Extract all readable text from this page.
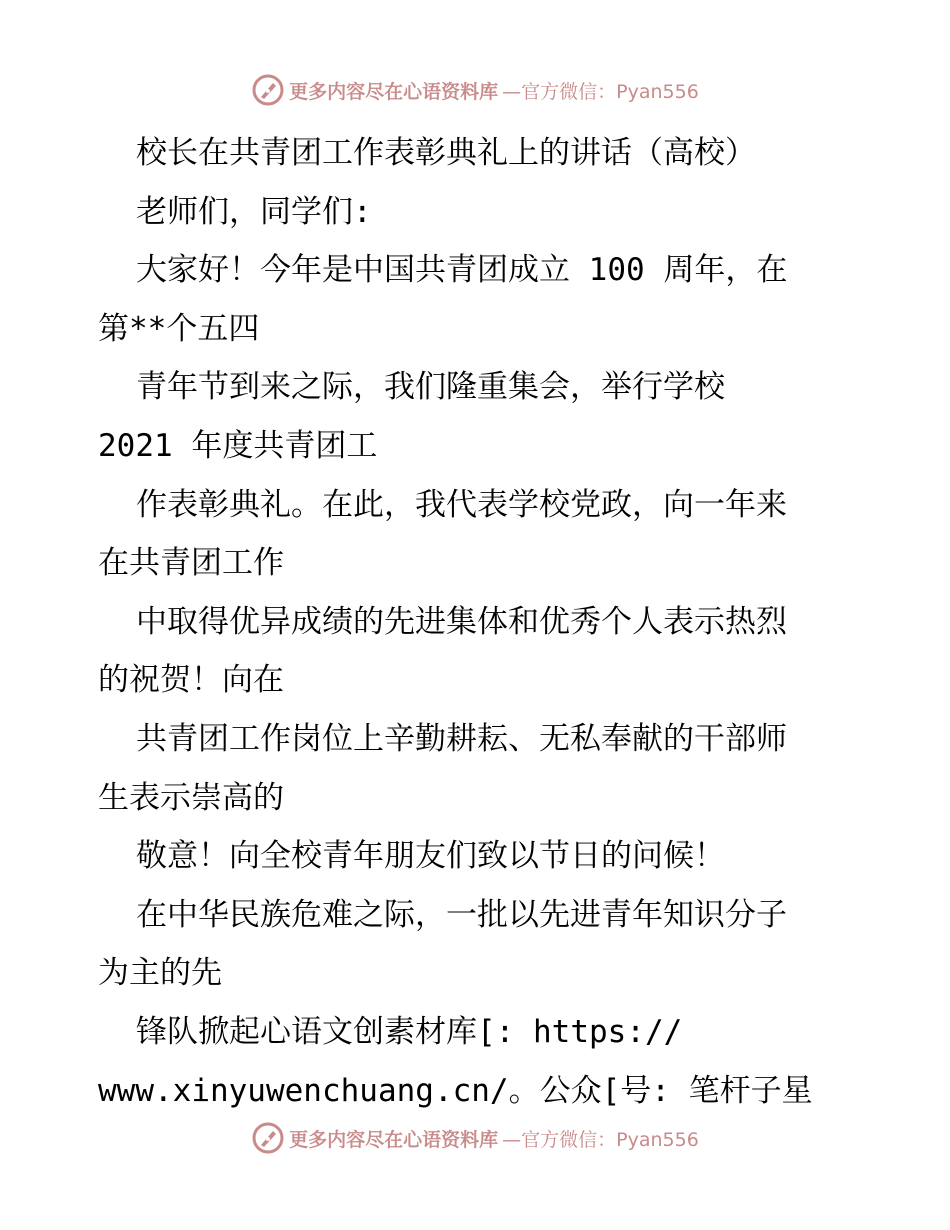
更多内容尽在心语资料库 —官方微信：Pyan556
校长在共青团工作表彰典礼上的讲话（高校）
老师们，同学们:
大家好！今年是中国共青团成立 100 周年，在
第**个五四
青年节到来之际，我们隆重集会，举行学校
2021 年度共青团工
作表彰典礼。在此，我代表学校党政，向一年来
在共青团工作
中取得优异成绩的先进集体和优秀个人表示热烈
的祝贺！向在
共青团工作岗位上辛勤耕耘、无私奉献的干部师
生表示崇高的
敬意！向全校青年朋友们致以节日的问候！
在中华民族危难之际，一批以先进青年知识分子
为主的先
锋队掀起心语文创素材库[: https://
www.xinyuwenchuang.cn/。公众[号: 笔杆子星
更多内容尽在心语资料库 —官方微信：Pyan556
